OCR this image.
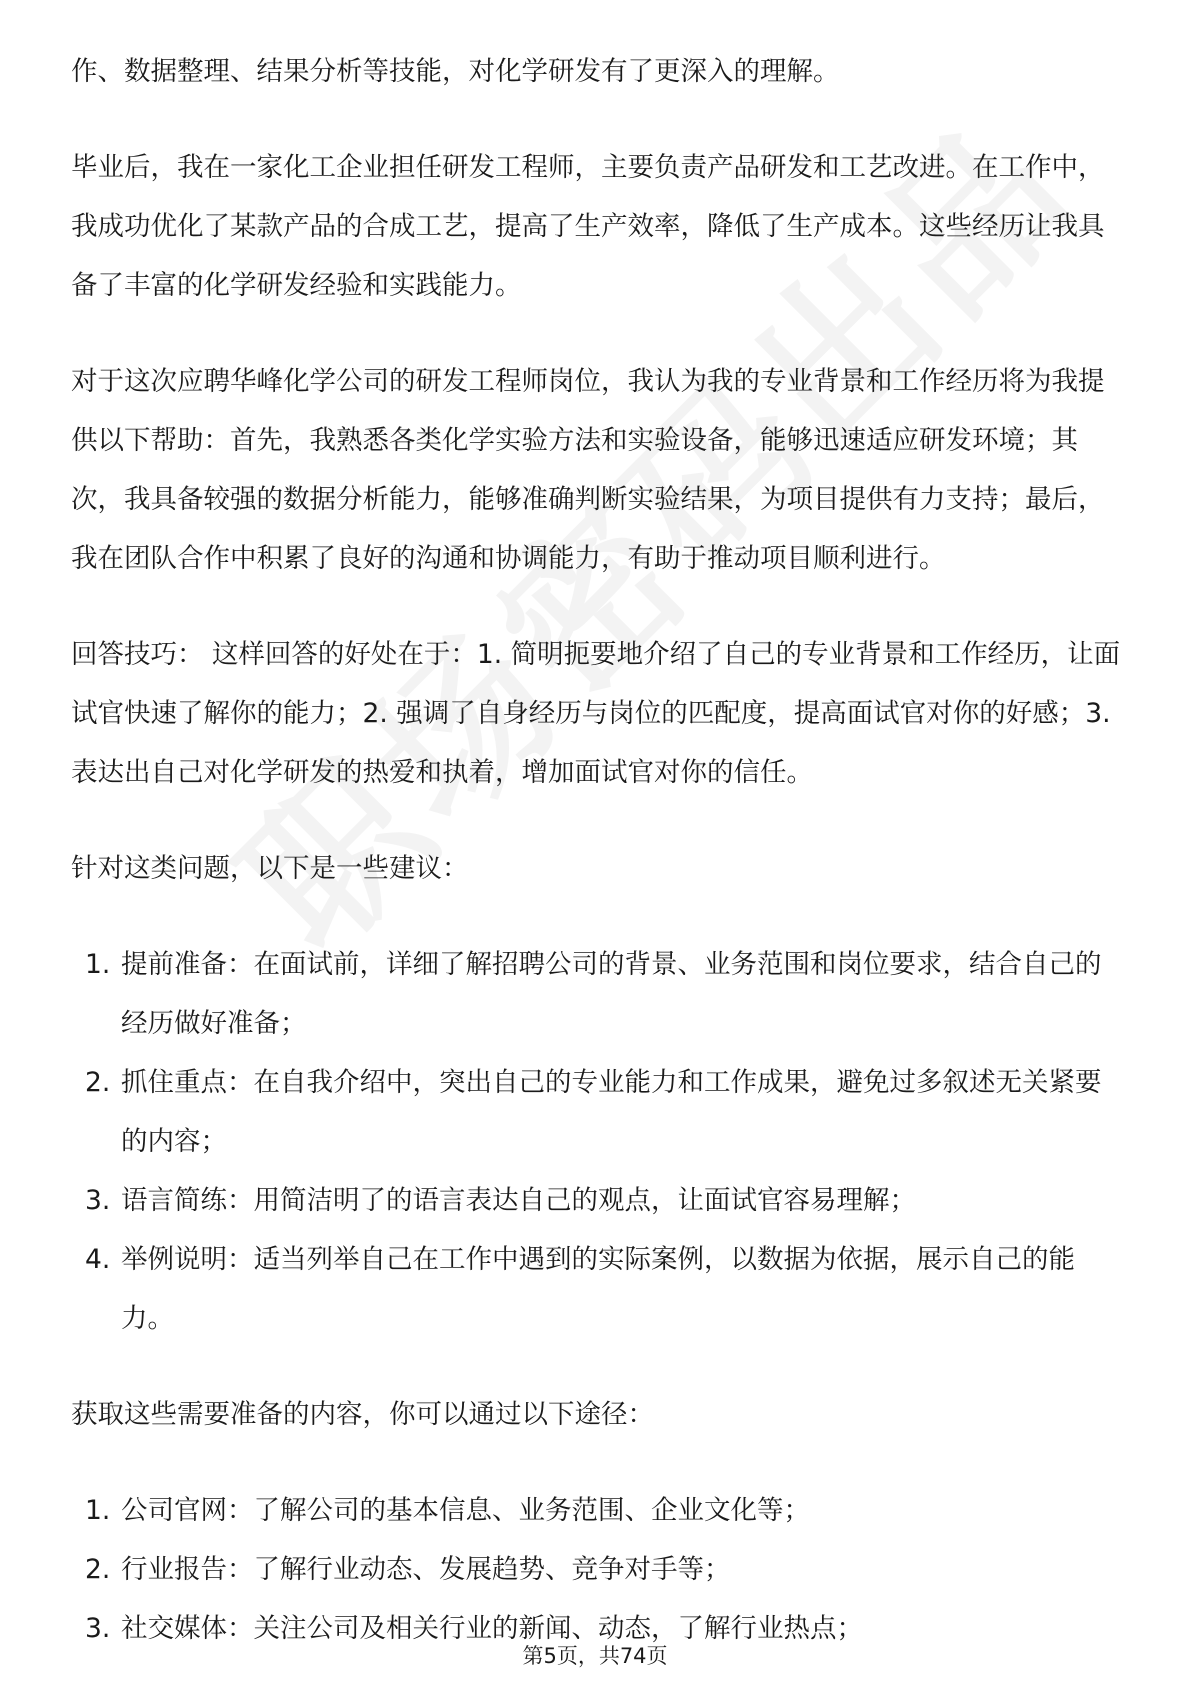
作、数据整理、结果分析等技能，对化学研发有了更深入的理解。

毕业后，我在一家化工企业担任研发工程师，主要负责产品研发和工艺改进。在工作中，我成功优化了某款产品的合成工艺，提高了生产效率，降低了生产成本。这些经历让我具备了丰富的化学研发经验和实践能力。

对于这次应聘华峰化学公司的研发工程师岗位，我认为我的专业背景和工作经历将为我提供以下帮助：首先，我熟悉各类化学实验方法和实验设备，能够迅速适应研发环境；其次，我具备较强的数据分析能力，能够准确判断实验结果，为项目提供有力支持；最后，我在团队合作中积累了良好的沟通和协调能力，有助于推动项目顺利进行。

回答技巧： 这样回答的好处在于：1. 简明扼要地介绍了自己的专业背景和工作经历，让面试官快速了解你的能力；2. 强调了自身经历与岗位的匹配度，提高面试官对你的好感；3. 表达出自己对化学研发的热爱和执着，增加面试官对你的信任。

针对这类问题，以下是一些建议：

1. 提前准备：在面试前，详细了解招聘公司的背景、业务范围和岗位要求，结合自己的经历做好准备；
2. 抓住重点：在自我介绍中，突出自己的专业能力和工作成果，避免过多叙述无关紧要的内容；
3. 语言简练：用简洁明了的语言表达自己的观点，让面试官容易理解；
4. 举例说明：适当列举自己在工作中遇到的实际案例，以数据为依据，展示自己的能力。

获取这些需要准备的内容，你可以通过以下途径：

1. 公司官网：了解公司的基本信息、业务范围、企业文化等；
2. 行业报告：了解行业动态、发展趋势、竞争对手等；
3. 社交媒体：关注公司及相关行业的新闻、动态，了解行业热点；
第5页，共74页
